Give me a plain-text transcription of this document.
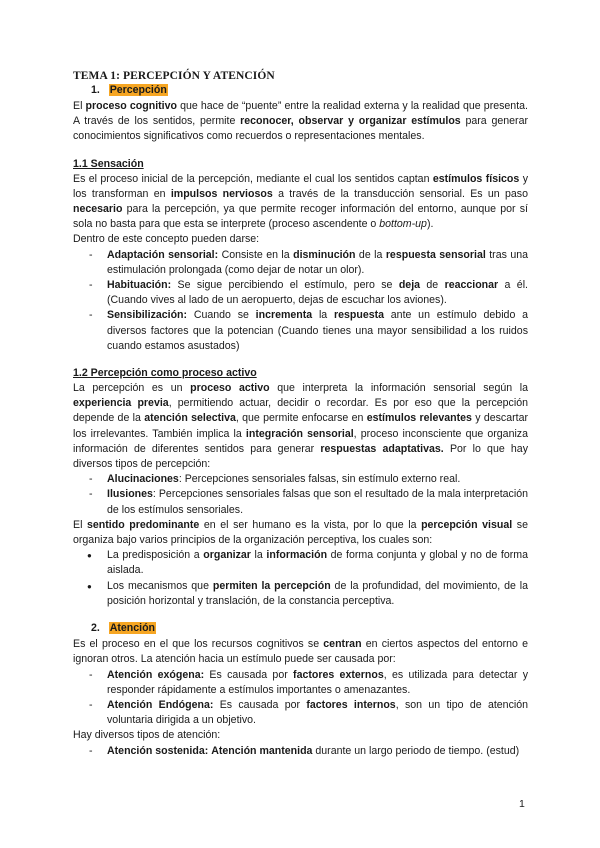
TEMA 1: PERCEPCIÓN Y ATENCIÓN
1. Percepción

El proceso cognitivo que hace de “puente” entre la realidad externa y la realidad que presenta. A través de los sentidos, permite reconocer, observar y organizar estímulos para generar conocimientos significativos como recuerdos o representaciones mentales.

1.1 Sensación

Es el proceso inicial de la percepción, mediante el cual los sentidos captan estímulos físicos y los transforman en impulsos nerviosos a través de la transducción sensorial. Es un paso necesario para la percepción, ya que permite recoger información del entorno, aunque por sí sola no basta para que esta se interprete (proceso ascendente o bottom-up).

Dentro de este concepto pueden darse:

- Adaptación sensorial: Consiste en la disminución de la respuesta sensorial tras una estimulación prolongada (como dejar de notar un olor).
- Habituación: Se sigue percibiendo el estímulo, pero se deja de reaccionar a él. (Cuando vives al lado de un aeropuerto, dejas de escuchar los aviones).
- Sensibilización: Cuando se incrementa la respuesta ante un estímulo debido a diversos factores que la potencian (Cuando tienes una mayor sensibilidad a los ruidos cuando estamos asustados)
1.2 Percepción como proceso activo

La percepción es un proceso activo que interpreta la información sensorial según la experiencia previa, permitiendo actuar, decidir o recordar. Es por eso que la percepción depende de la atención selectiva, que permite enfocarse en estímulos relevantes y descartar los irrelevantes. También implica la integración sensorial, proceso inconsciente que organiza información de diferentes sentidos para generar respuestas adaptativas. Por lo que hay diversos tipos de percepción:

- Alucinaciones: Percepciones sensoriales falsas, sin estímulo externo real.
- Ilusiones: Percepciones sensoriales falsas que son el resultado de la mala interpretación de los estímulos sensoriales.

El sentido predominante en el ser humano es la vista, por lo que la percepción visual se organiza bajo varios principios de la organización perceptiva, los cuales son:

● La predisposición a organizar la información de forma conjunta y global y no de forma aislada.
● Los mecanismos que permiten la percepción de la profundidad, del movimiento, de la posición horizontal y translación, de la constancia perceptiva.
2. Atención

Es el proceso en el que los recursos cognitivos se centran en ciertos aspectos del entorno e ignoran otros. La atención hacia un estímulo puede ser causada por:

- Atención exógena: Es causada por factores externos, es utilizada para detectar y responder rápidamente a estímulos importantes o amenazantes.
- Atención Endógena: Es causada por factores internos, son un tipo de atención voluntaria dirigida a un objetivo.

Hay diversos tipos de atención:

- Atención sostenida: Atención mantenida durante un largo periodo de tiempo. (estud)
1
